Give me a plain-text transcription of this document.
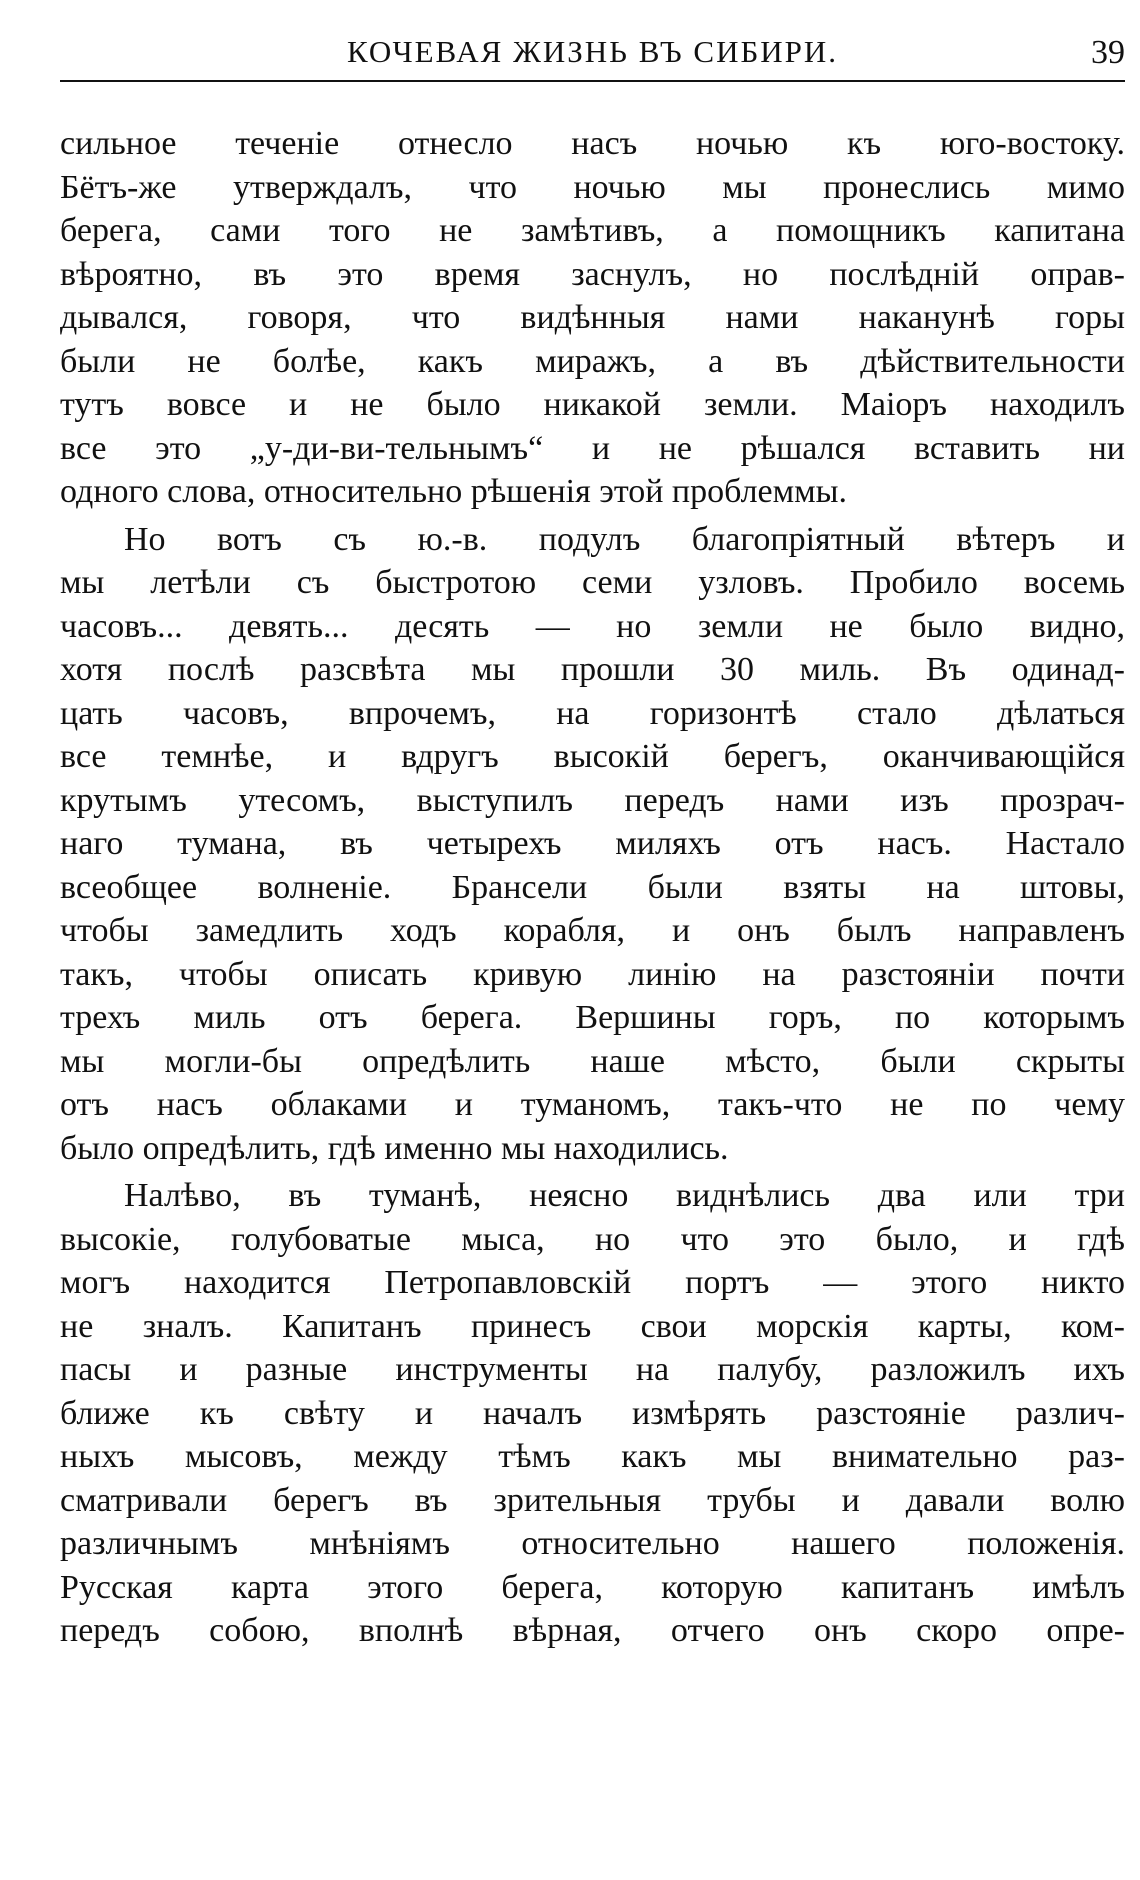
КОЧЕВАЯ ЖИЗНЬ ВЪ СИБИРИ.	39
сильное теченіе отнесло насъ ночью къ юго-востоку.
Бётъ-же утверждалъ, что ночью мы пронеслись мимо
берега, сами того не замѣтивъ, а помощникъ капитана
вѣроятно, въ это время заснулъ, но послѣдній оправ-
дывался, говоря, что видѣнныя нами наканунѣ горы
были не болѣе, какъ миражъ, а въ дѣйствительности
тутъ вовсе и не было никакой земли. Маіоръ находилъ
все это „у-ди-ви-тельнымъ“ и не рѣшался вставить ни
одного слова, относительно рѣшенія этой проблеммы.
Но вотъ съ ю.-в. подулъ благопріятный вѣтеръ и
мы летѣли съ быстротою семи узловъ. Пробило восемь
часовъ... девять... десять — но земли не было видно,
хотя послѣ разсвѣта мы прошли 30 миль. Въ одинад-
цать часовъ, впрочемъ, на горизонтѣ стало дѣлаться
все темнѣе, и вдругъ высокій берегъ, оканчивающійся
крутымъ утесомъ, выступилъ передъ нами изъ прозрач-
наго тумана, въ четырехъ миляхъ отъ насъ. Настало
всеобщее волненіе. Брансели были взяты на штовы,
чтобы замедлить ходъ корабля, и онъ былъ направленъ
такъ, чтобы описать кривую линію на разстояніи почти
трехъ миль отъ берега. Вершины горъ, по которымъ
мы могли-бы опредѣлить наше мѣсто, были скрыты
отъ насъ облаками и туманомъ, такъ-что не по чему
было опредѣлить, гдѣ именно мы находились.
Налѣво, въ туманѣ, неясно виднѣлись два или три
высокіе, голубоватые мыса, но что это было, и гдѣ
могъ находится Петропавловскій портъ — этого никто
не зналъ. Капитанъ принесъ свои морскія карты, ком-
пасы и разные инструменты на палубу, разложилъ ихъ
ближе къ свѣту и началъ измѣрять разстояніе различ-
ныхъ мысовъ, между тѣмъ какъ мы внимательно раз-
сматривали берегъ въ зрительныя трубы и давали волю
различнымъ мнѣніямъ относительно нашего положенія.
Русская карта этого берега, которую капитанъ имѣлъ
передъ собою, вполнѣ вѣрная, отчего онъ скоро опре-
